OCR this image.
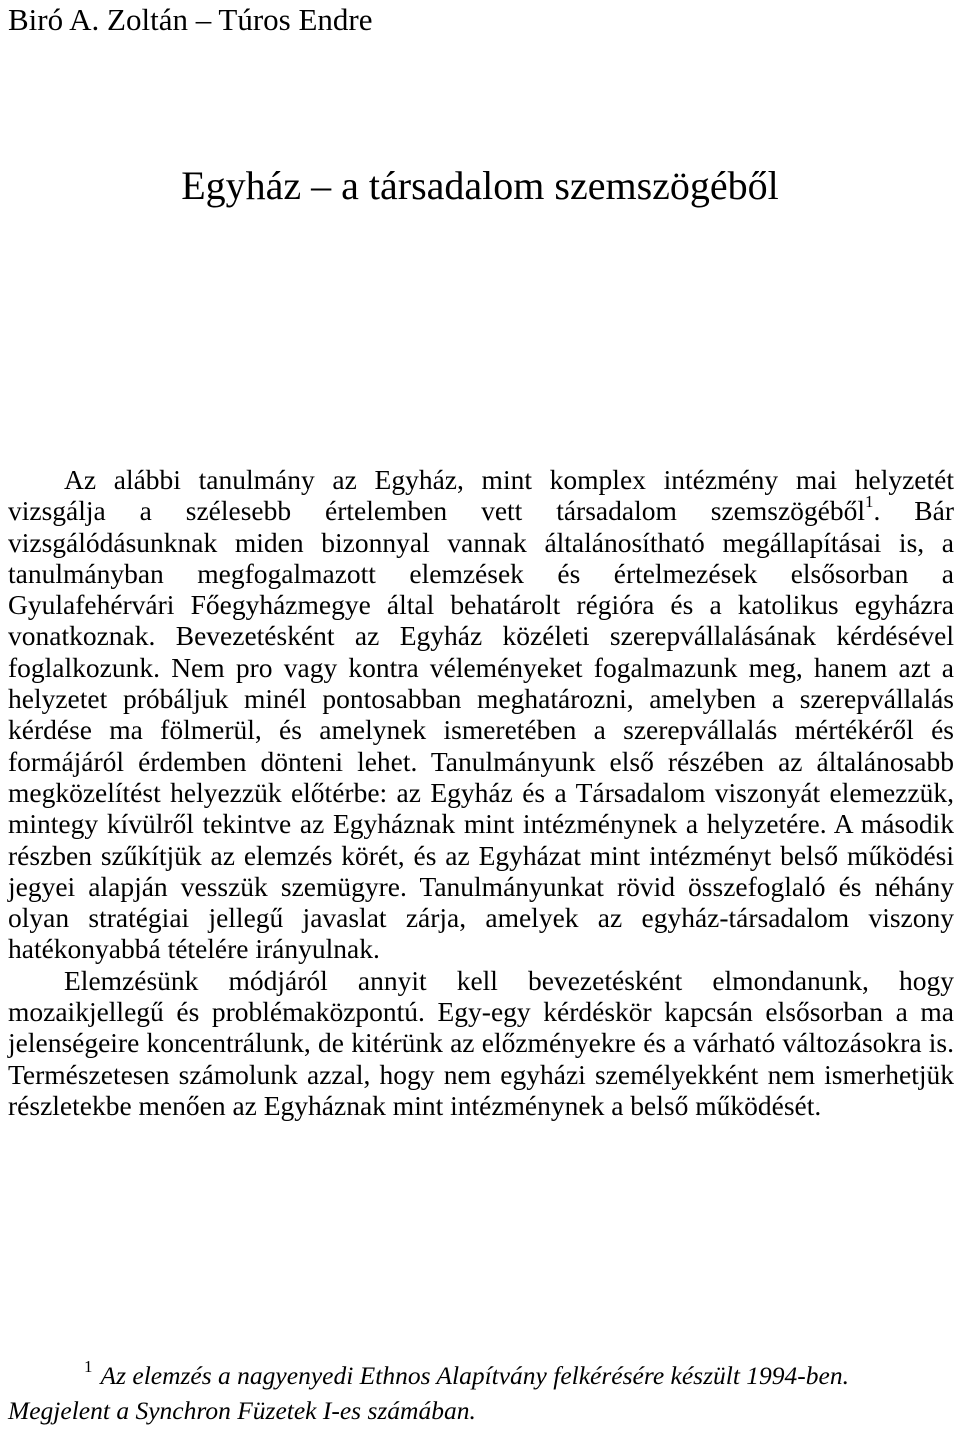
Biró A. Zoltán – Túros Endre
Egyház – a társadalom szemszögéből

Az alábbi tanulmány az Egyház, mint komplex intézmény mai helyzetét vizsgálja a szélesebb értelemben vett társadalom szemszögéből$^1$. Bár vizsgálódásunknak miden bizonnyal vannak általánosítható megállapításai is, a tanulmányban megfogalmazott elemzések és értelmezések elsősorban a Gyulafehérvári Főegyházmegye által behatárolt régióra és a katolikus egyházra vonatkoznak. Bevezetésként az Egyház közéleti szerepvállalásának kérdésével foglalkozunk. Nem pro vagy kontra véleményeket fogalmazunk meg, hanem azt a helyzetet próbáljuk minél pontosabban meghatározni, amelyben a szerepvállalás kérdése ma fölmerül, és amelynek ismeretében a szerepvállalás mértékéről és formájáról érdemben dönteni lehet. Tanulmányunk első részében az általánosabb megközelítést helyezzük előtérbe: az Egyház és a Társadalom viszonyát elemezzük, mintegy kívülről tekintve az Egyháznak mint intézménynek a helyzetére. A második részben szűkítjük az elemzés körét, és az Egyházat mint intézményt belső működési jegyei alapján vesszük szemügyre. Tanulmányunkat rövid összefoglaló és néhány olyan stratégiai jellegű javaslat zárja, amelyek az egyház-társadalom viszony hatékonyabbá tételére irányulnak.

Elemzésünk módjáról annyit kell bevezetésként elmondanunk, hogy mozaikjellegű és problémaközpontú. Egy-egy kérdéskör kapcsán elsősorban a ma jelenségeire koncentrálunk, de kitérünk az előzményekre és a várható változásokra is. Természetesen számolunk azzal, hogy nem egyházi személyekként nem ismerhetjük részletekbe menően az Egyháznak mint intézménynek a belső működését.

$^1$ Az elemzés a nagyenyedi Ethnos Alapítvány felkérésére készült 1994-ben. Megjelent a Synchron Füzetek I-es számában.
